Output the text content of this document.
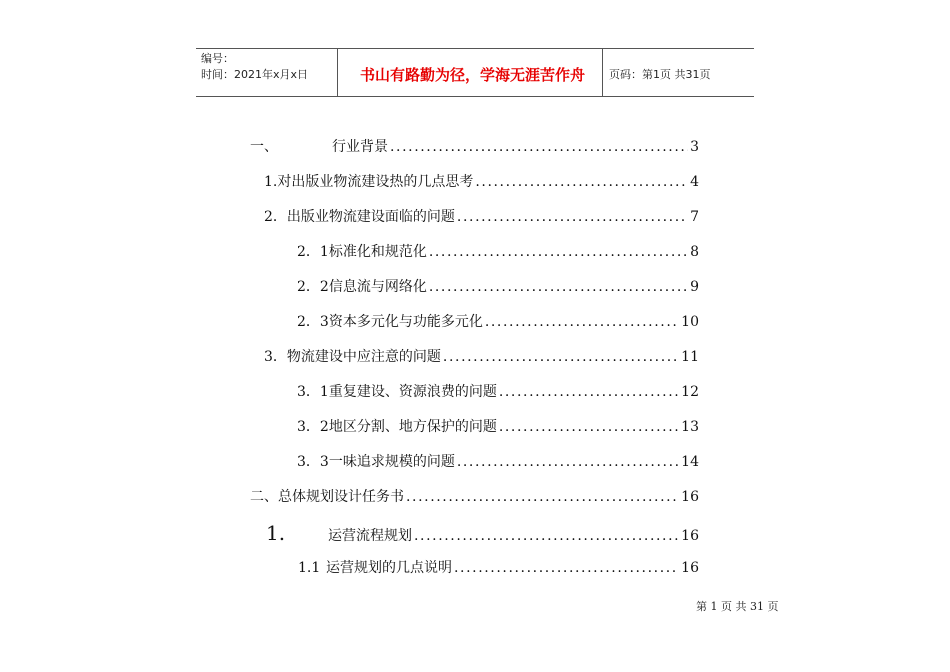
编号：
时间：2021年x月x日	书山有路勤为径，学海无涯苦作舟	页码：第1页 共31页
一、	行业背景 .....	3
1. 对出版业物流建设热的几点思考 .....	4
2． 出版业物流建设面临的问题 .....	7
2．1 标准化和规范化 .....	8
2．2 信息流与网络化 .....	9
2．3 资本多元化与功能多元化 .....	10
3． 物流建设中应注意的问题 .....	11
3．1 重复建设、资源浪费的问题 .....	12
3．2 地区分割、地方保护的问题 .....	13
3．3 一味追求规模的问题 .....	14
二、 总体规划设计任务书 .....	16
1.	运营流程规划 .....	16
1.1 运营规划的几点说明 .....	16
第 1 页 共 31 页
